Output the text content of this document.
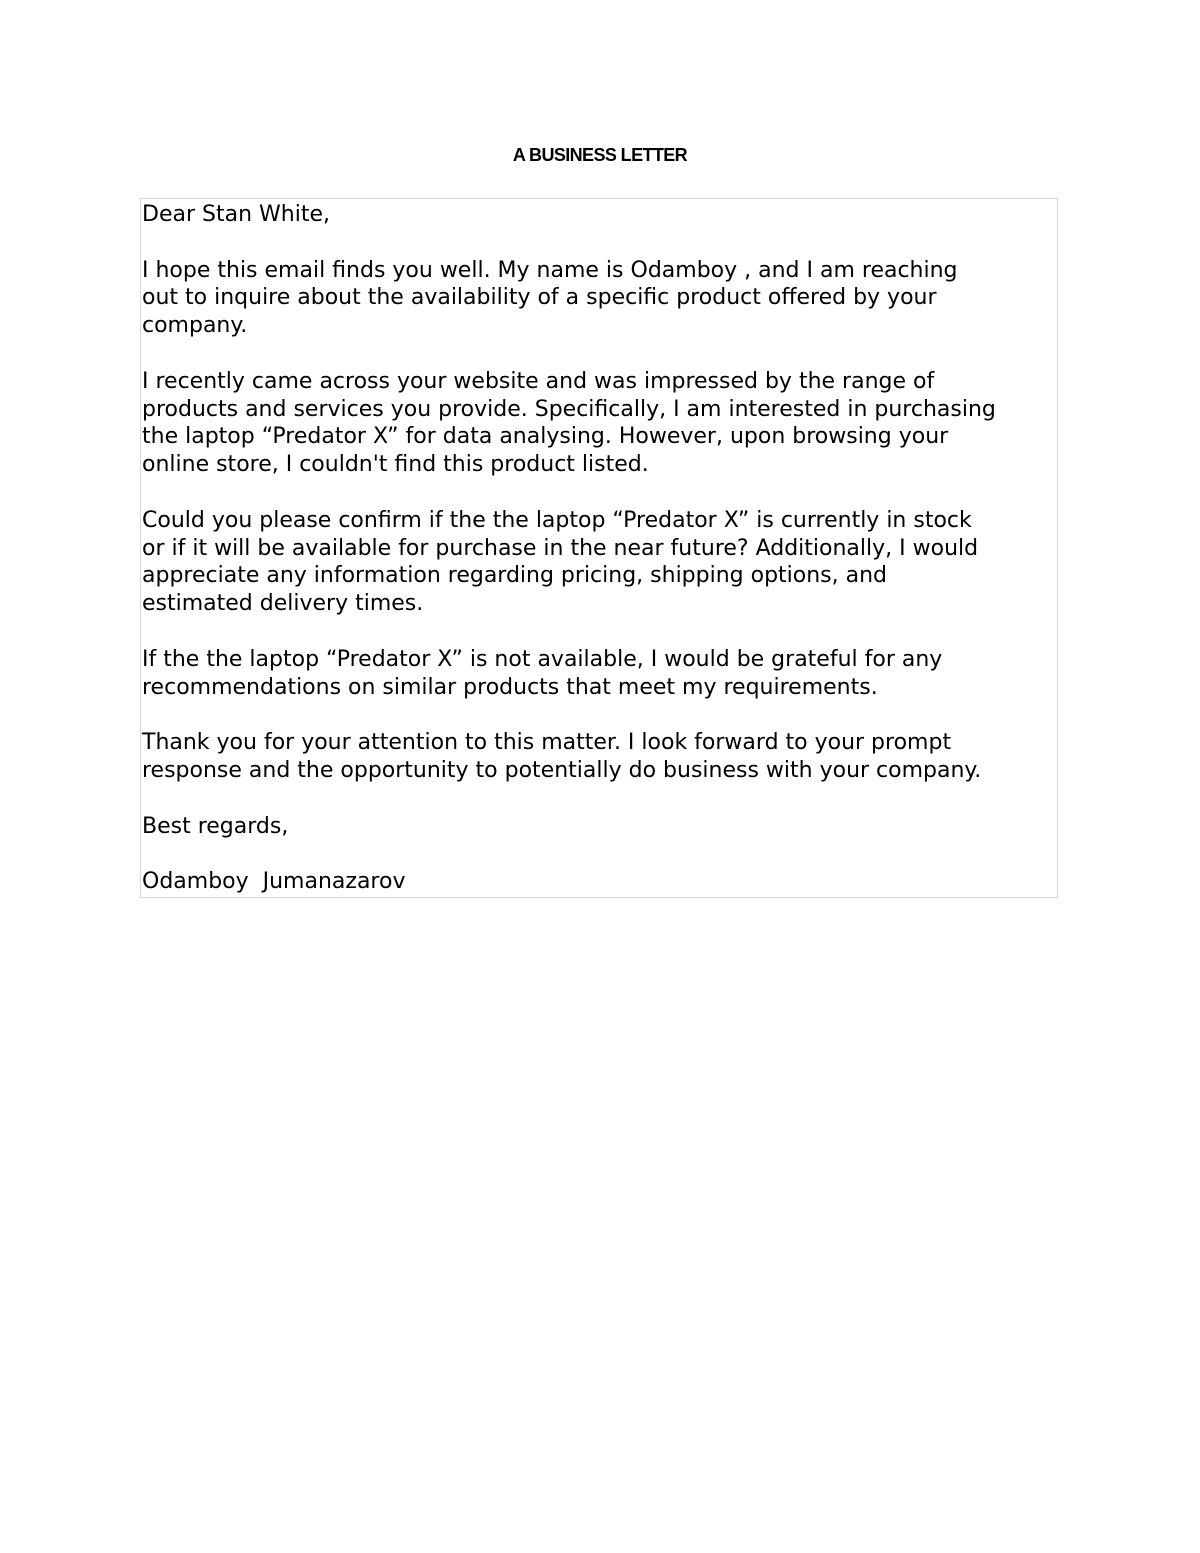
A BUSINESS LETTER

Dear Stan White,

I hope this email finds you well. My name is Odamboy , and I am reaching
out to inquire about the availability of a specific product offered by your
company.

I recently came across your website and was impressed by the range of
products and services you provide. Specifically, I am interested in purchasing
the laptop “Predator X” for data analysing. However, upon browsing your
online store, I couldn't find this product listed.

Could you please confirm if the the laptop “Predator X” is currently in stock
or if it will be available for purchase in the near future? Additionally, I would
appreciate any information regarding pricing, shipping options, and
estimated delivery times.

If the the laptop “Predator X” is not available, I would be grateful for any
recommendations on similar products that meet my requirements.

Thank you for your attention to this matter. I look forward to your prompt
response and the opportunity to potentially do business with your company.

Best regards,

Odamboy  Jumanazarov
